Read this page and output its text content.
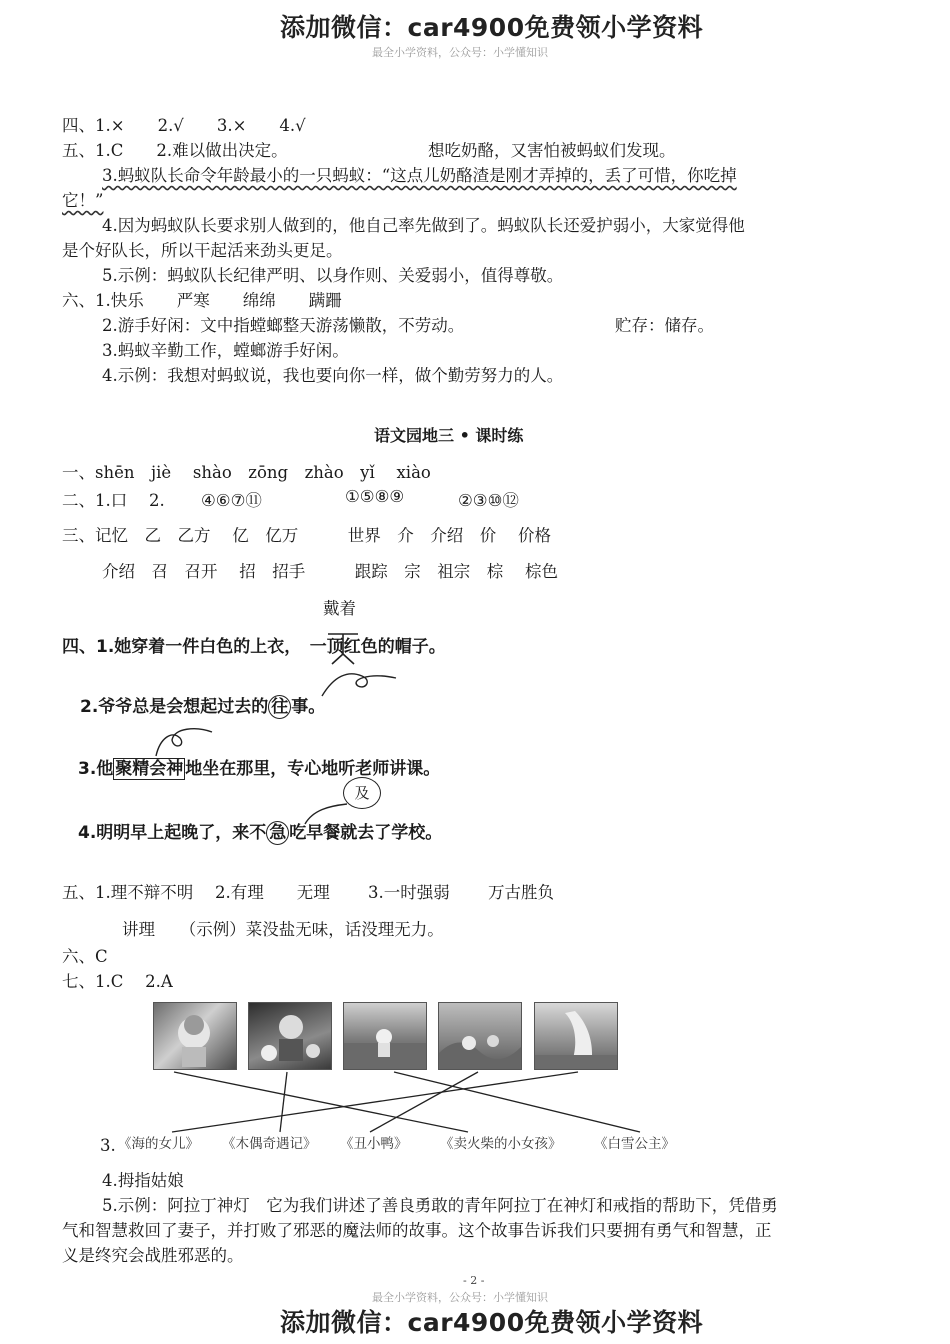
添加微信：car4900免费领小学资料
最全小学资料，公众号：小学懂知识
四、1.×　　2.√　　3.×　　4.√
五、1.C　　2.难以做出决定。	想吃奶酪，又害怕被蚂蚁们发现。
3.蚂蚁队长命令年龄最小的一只蚂蚁：“这点儿奶酪渣是刚才弄掉的，丢了可惜，你吃掉
它！”
4.因为蚂蚁队长要求别人做到的，他自己率先做到了。蚂蚁队长还爱护弱小，大家觉得他
是个好队长，所以干起活来劲头更足。
5.示例：蚂蚁队长纪律严明、以身作则、关爱弱小，值得尊敬。
六、1.快乐　　严寒　　绵绵　　蹒跚
2.游手好闲：文中指螳螂整天游荡懒散，不劳动。	贮存：储存。
3.蚂蚁辛勤工作，螳螂游手好闲。
4.示例：我想对蚂蚁说，我也要向你一样，做个勤劳努力的人。
语文园地三 • 课时练
一、shēn　jiè　 shào　zōng　zhào　yǐ　 xiào
二、1.口　 2. ④⑥⑦⑪	①⑤⑧⑨	②③⑩⑫
三、记忆　乙　乙方　 亿　亿万　　　世界　介　介绍　价　 价格
介绍　召　召开　 招　招手　　　跟踪　宗　祖宗　棕　 棕色
戴着
四、1.她穿着一件白色的上衣，　一顶红色的帽子。
2.爷爷总是会想起过去的 往 事。
3.他 聚精会神 地坐在那里，专心地听老师讲课。
4.明明早上起晚了，来不 急 吃早餐就去了学校。
及
五、1.理不辩不明　 2.有理　　无理　　 3.一时强弱　　 万古胜负
讲理　　（示例）菜没盐无味，话没理无力。
六、C
七、1.C　 2.A
3. 《海的女儿》 《木偶奇遇记》 《丑小鸭》 《卖火柴的小女孩》 《白雪公主》
4.拇指姑娘
5.示例：阿拉丁神灯　它为我们讲述了善良勇敢的青年阿拉丁在神灯和戒指的帮助下，凭借勇
气和智慧救回了妻子，并打败了邪恶的魔法师的故事。这个故事告诉我们只要拥有勇气和智慧，正
义是终究会战胜邪恶的。
- 2 -
最全小学资料，公众号：小学懂知识
添加微信：car4900免费领小学资料
